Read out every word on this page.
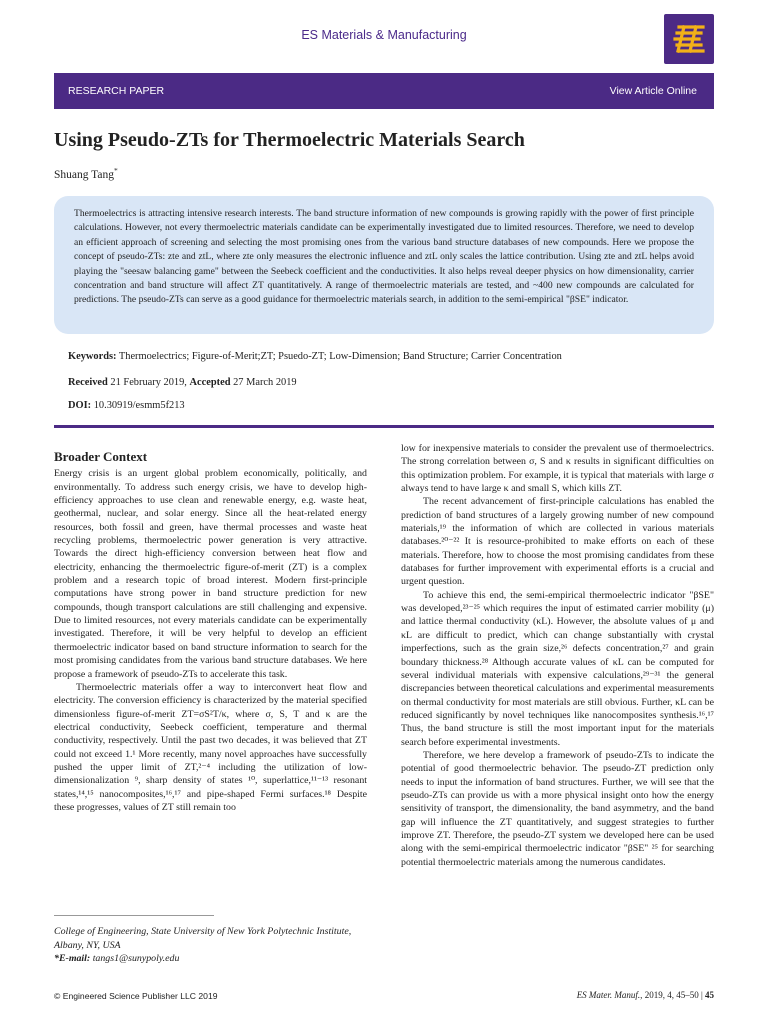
ES Materials & Manufacturing
RESEARCH PAPER	View Article Online
Using Pseudo-ZTs for Thermoelectric Materials Search
Shuang Tang*

Thermoelectrics is attracting intensive research interests. The band structure information of new compounds is growing rapidly with the power of first principle calculations. However, not every thermoelectric materials candidate can be experimentally investigated due to limited resources. Therefore, we need to develop an efficient approach of screening and selecting the most promising ones from the various band structure databases of new compounds. Here we propose the concept of pseudo-ZTs: zte and ztL, where zte only measures the electronic influence and ztL only scales the lattice contribution. Using zte and ztL helps avoid playing the "seesaw balancing game" between the Seebeck coefficient and the conductivities. It also helps reveal deeper physics on how dimensionality, carrier concentration and band structure will affect ZT quantitatively. A range of thermoelectric materials are tested, and ~400 new compounds are calculated for predictions. The pseudo-ZTs can serve as a good guidance for thermoelectric materials search, in addition to the semi-empirical "βSE" indicator.

Keywords: Thermoelectrics; Figure-of-Merit;ZT; Psuedo-ZT; Low-Dimension; Band Structure; Carrier Concentration
Received 21 February 2019, Accepted 27 March 2019
DOI: 10.30919/esmm5f213
Broader Context

Energy crisis is an urgent global problem economically, politically, and environmentally. To address such energy crisis, we have to develop high-efficiency approaches to use clean and renewable energy, e.g. waste heat, geothermal, nuclear, and solar energy. Since all the heat-related energy resources, both fossil and green, have thermal processes and waste heat recycling problems, thermoelectric power generation is very attractive. Towards the direct high-efficiency conversion between heat flow and electricity, enhancing the thermoelectric figure-of-merit (ZT) is a complex problem and a research topic of broad interest. Modern first-principle computations have strong power in band structure prediction for new compounds, though transport calculations are still challenging and expensive. Due to limited resources, not every materials candidate can be experimentally investigated. Therefore, it will be very helpful to develop an efficient thermoelectric indicator based on band structure information to search for the most promising candidates from the various band structure databases. We here propose a framework of pseudo-ZTs to accelerate this task.

Thermoelectric materials offer a way to interconvert heat flow and electricity. The conversion efficiency is characterized by the material specified dimensionless figure-of-merit ZT=σS²T/κ, where σ, S, T and κ are the electrical conductivity, Seebeck coefficient, temperature and thermal conductivity, respectively. Until the past two decades, it was believed that ZT could not exceed 1.¹ More recently, many novel approaches have successfully pushed the upper limit of ZT,²⁻⁴ including the utilization of low-dimensionalization ⁹, sharp density of states ¹⁰, superlattice,¹¹⁻¹³ resonant states,¹⁴,¹⁵ nanocomposites,¹⁶,¹⁷ and pipe-shaped Fermi surfaces.¹⁸ Despite these progresses, values of ZT still remain too

low for inexpensive materials to consider the prevalent use of thermoelectrics. The strong correlation between σ, S and κ results in significant difficulties on this optimization problem. For example, it is typical that materials with large σ always tend to have large κ and small S, which kills ZT.

The recent advancement of first-principle calculations has enabled the prediction of band structures of a largely growing number of new compound materials,¹⁹ the information of which are collected in various materials databases.²⁰⁻²² It is resource-prohibited to make efforts on each of these materials. Therefore, how to choose the most promising candidates from these databases for further improvement with experimental efforts is a crucial and urgent question.

To achieve this end, the semi-empirical thermoelectric indicator "βSE" was developed,²³⁻²⁵ which requires the input of estimated carrier mobility (μ) and lattice thermal conductivity (κL). However, the absolute values of μ and κL are difficult to predict, which can change substantially with crystal imperfections, such as the grain size,²⁶ defects concentration,²⁷ and grain boundary thickness.²⁸ Although accurate values of κL can be computed for several individual materials with expensive calculations,²⁹⁻³¹ the general discrepancies between theoretical calculations and experimental measurements on thermal conductivity for most materials are still obvious. Further, κL can be reduced significantly by novel techniques like nanocomposites synthesis.¹⁶,¹⁷ Thus, the band structure is still the most important input for the materials search before experimental investments.

Therefore, we here develop a framework of pseudo-ZTs to indicate the potential of good thermoelectric behavior. The pseudo-ZT prediction only needs to input the information of band structures. Further, we will see that the pseudo-ZTs can provide us with a more physical insight onto how the energy sensitivity of transport, the dimensionality, the band asymmetry, and the band gap will influence the ZT quantitatively, and suggest strategies to further improve ZT. Therefore, the pseudo-ZT system we developed here can be used along with the semi-empirical thermoelectric indicator "βSE" ²⁵ for searching potential thermoelectric materials among the numerous candidates.

College of Engineering, State University of New York Polytechnic Institute, Albany, NY, USA
*E-mail: tangs1@sunypoly.edu
© Engineered Science Publisher LLC 2019	ES Mater. Manuf., 2019, 4, 45–50 | 45
